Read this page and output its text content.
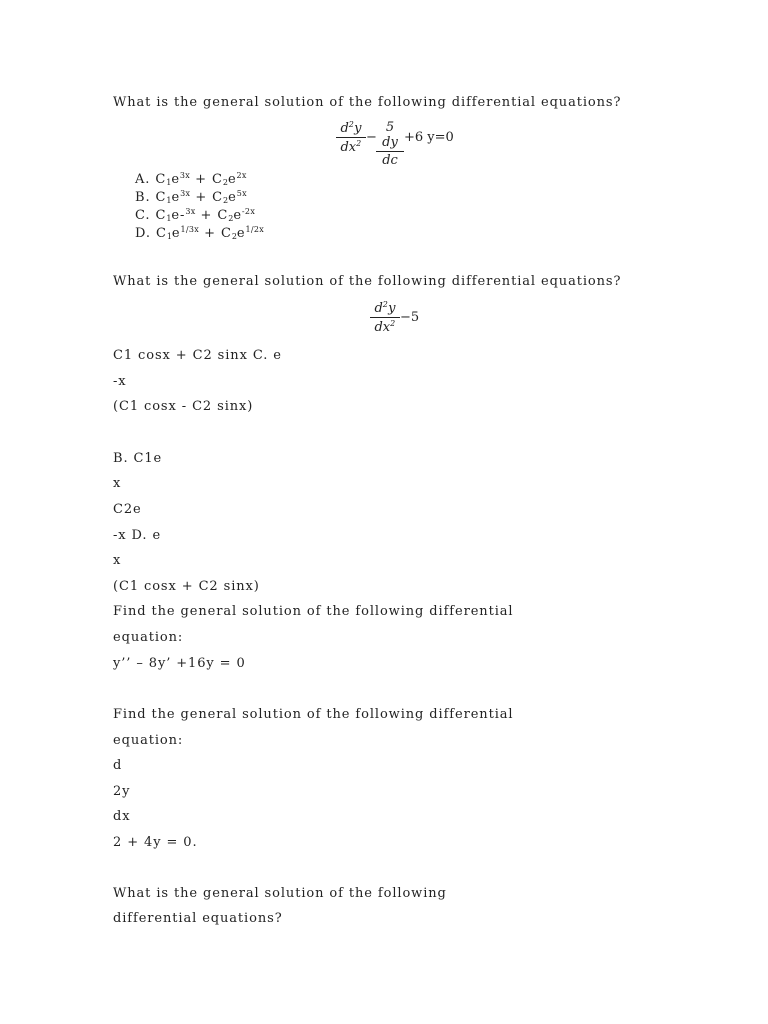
What is the general solution of the following differential equations?
$d^2y$
$dx^2$ −
5 dy
dc
+6 y=0
A. $C_1e^{3x} + C_2e^{2x}$
B. $C_1e^{3x} + C_2e^{5x}$
C. $C_1e-^{3x} + C_2e^{-2x}$
D. $C_1e^{1/3x} + C_2e^{1/2x}$
What is the general solution of the following differential equations?
$d^2y$
$dx^2 -5$
C1 cosx + C2 sinx C. e
-x
(C1 cosx - C2 sinx)
B. C1e
x
C2e
-x D. e
x
(C1 cosx + C2 sinx)
Find the general solution of the following differential
equation:
y’’ – 8y’ +16y = 0
Find the general solution of the following differential
equation:
d
2y
dx
2 + 4y = 0.
What is the general solution of the following
differential equations?
